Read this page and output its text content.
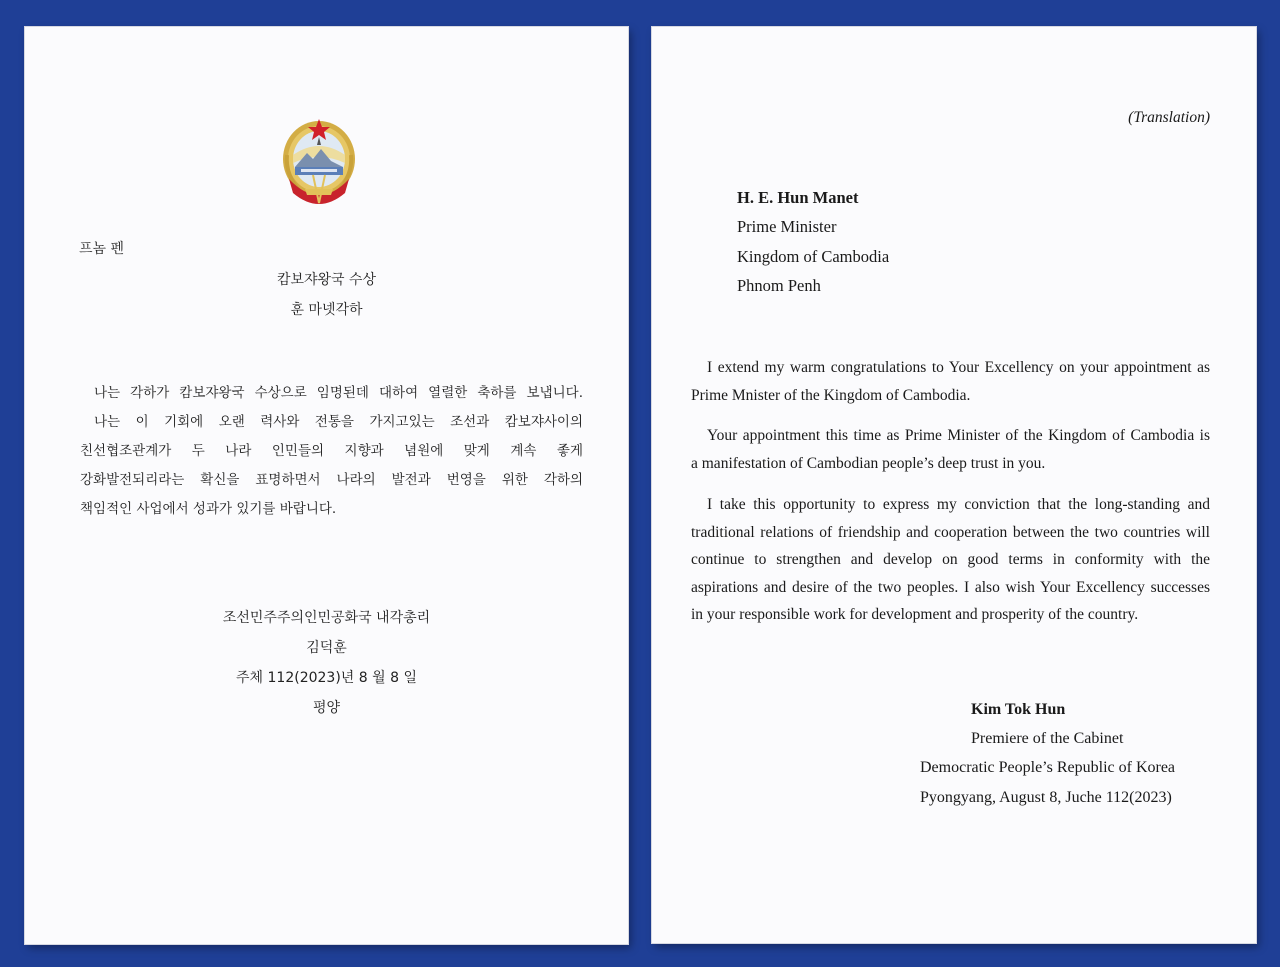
프놈 펜
캄보쟈왕국 수상
훈 마넷각하
나는 각하가 캄보쟈왕국 수상으로 임명된데 대하여 열렬한 축하를 보냅니다.
나는 이 기회에 오랜 력사와 전통을 가지고있는 조선과 캄보쟈사이의
친선협조관계가 두 나라 인민들의 지향과 념원에 맞게 계속 좋게
강화발전되리라는 확신을 표명하면서 나라의 발전과 번영을 위한 각하의
책임적인 사업에서 성과가 있기를 바랍니다.
조선민주주의인민공화국 내각총리
김덕훈
주체 112(2023)년 8 월 8 일
평양
(Translation)
H. E. Hun Manet
Prime Minister
Kingdom of Cambodia
Phnom Penh
I extend my warm congratulations to Your Excellency on your appointment as
Prime Mnister of the Kingdom of Cambodia.
Your appointment this time as Prime Minister of the Kingdom of Cambodia is
a manifestation of Cambodian people’s deep trust in you.
I take this opportunity to express my conviction that the long-standing and
traditional relations of friendship and cooperation between the two countries will
continue to strengthen and develop on good terms in conformity with the
aspirations and desire of the two peoples. I also wish Your Excellency successes
in your responsible work for development and prosperity of the country.
Kim Tok Hun
Premiere of the Cabinet
Democratic People’s Republic of Korea
Pyongyang, August 8, Juche 112(2023)
